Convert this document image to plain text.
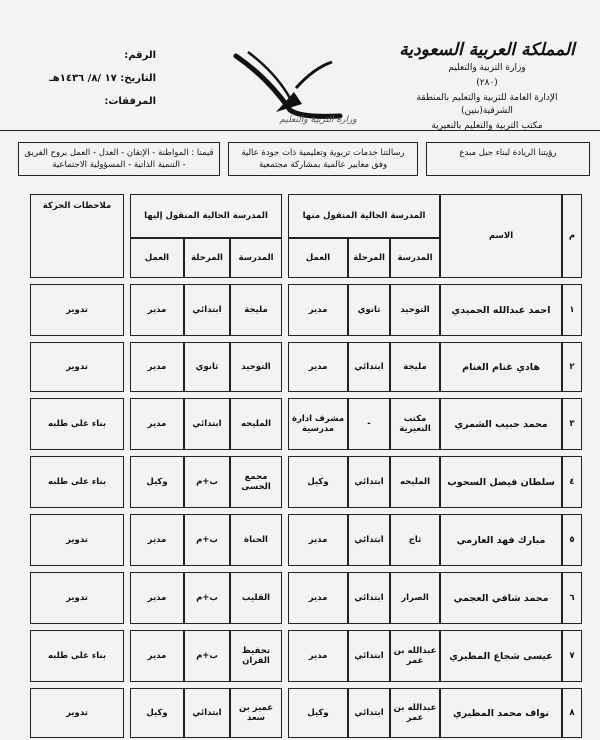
المملكة العربية السعودية
وزارة التربية والتعليم
(٢٨٠)
الإدارة العامة للتربية والتعليم بالمنطقة الشرقية(بنين)
مكتب التربية والتعليم بالنعيرية
وزارة التربية والتعليم
الرقم:
التاريخ: ١٧ /٨/ ١٤٣٦هـ
المرفقات:
رؤيتنا الريادة لبناء جيل مبدع
رسالتنا خدمات تربوية وتعليمية ذات جودة عالية وفق معايير عالمية بمشاركة مجتمعية
قيمنا : المواطنة - الإتقان - العدل - العمل بروح الفريق - التنمية الذاتية - المسؤولية الاجتماعية
م	الاسم	المدرسة الحالية المنقول منها				المدرسة الحالية المنقول إليها				ملاحظات الحركة
		المدرسة	المرحلة	العمل		المدرسة	المرحلة	العمل		

١	احمد عبدالله الحميدي	التوحيد	ثانوي	مدير		مليجة	ابتدائي	مدير		تدوير

٢	هادي غنام الغنام	مليجة	ابتدائي	مدير		التوحيد	ثانوي	مدير		تدوير

٣	محمد حبيب الشمري	مكتب النعيرية	-	مشرف ادارة مدرسية		المليحه	ابتدائي	مدير		بناء على طلبه

٤	سلطان فيصل السحوب	المليحه	ابتدائي	وكيل		مجمع الحسى	ب+م	وكيل		بناء على طلبه

٥	مبارك فهد العازمي	ثاج	ابتدائي	مدير		الحناة	ب+م	مدير		تدوير

٦	محمد شافي العجمي	الصرار	ابتدائي	مدير		القليب	ب+م	مدير		تدوير

٧	عيسى شجاع المطيري	عبدالله بن عمر	ابتدائي	مدير		تحفيظ القران	ب+م	مدير		بناء على طلبه

٨	نواف محمد المطيري	عبدالله بن عمر	ابتدائي	وكيل		عمير بن سعد	ابتدائي	وكيل		تدوير
